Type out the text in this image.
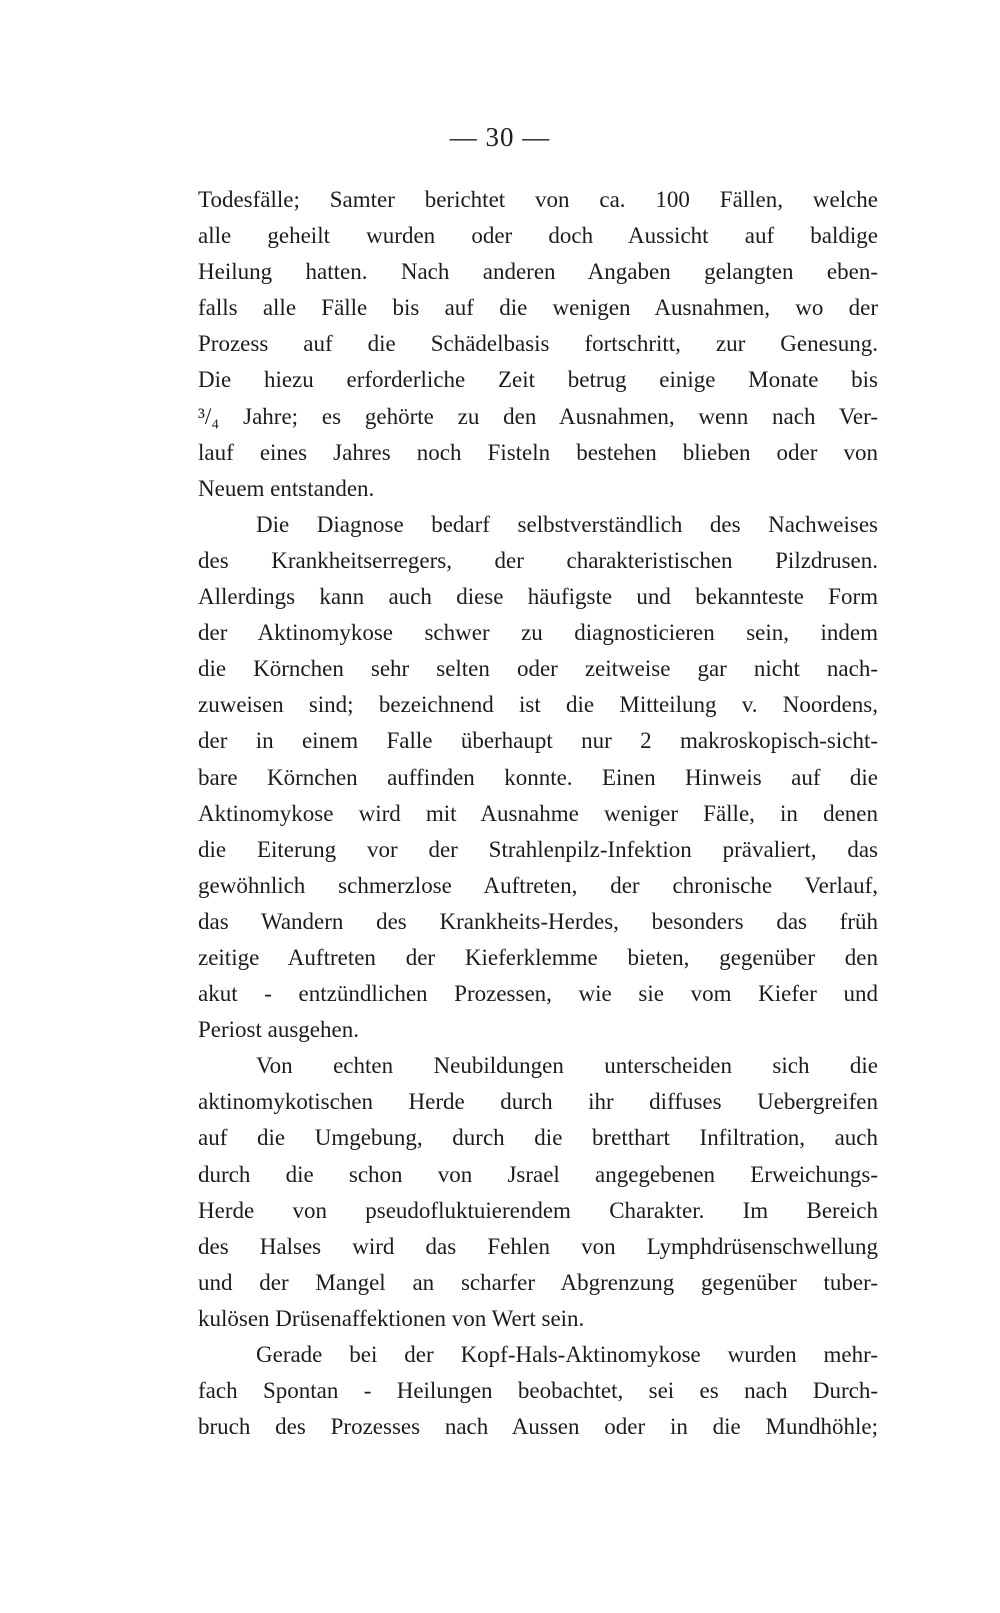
— 30 —
Todesfälle; Samter berichtet von ca. 100 Fällen, welche
alle geheilt wurden oder doch Aussicht auf baldige
Heilung hatten. Nach anderen Angaben gelangten eben-
falls alle Fälle bis auf die wenigen Ausnahmen, wo der
Prozess auf die Schädelbasis fortschritt, zur Genesung.
Die hiezu erforderliche Zeit betrug einige Monate bis
³/₄ Jahre; es gehörte zu den Ausnahmen, wenn nach Ver-
lauf eines Jahres noch Fisteln bestehen blieben oder von
Neuem entstanden.
Die Diagnose bedarf selbstverständlich des Nachweises
des Krankheitserregers, der charakteristischen Pilzdrusen.
Allerdings kann auch diese häufigste und bekannteste Form
der Aktinomykose schwer zu diagnosticieren sein, indem
die Körnchen sehr selten oder zeitweise gar nicht nach-
zuweisen sind; bezeichnend ist die Mitteilung v. Noordens,
der in einem Falle überhaupt nur 2 makroskopisch-sicht-
bare Körnchen auffinden konnte. Einen Hinweis auf die
Aktinomykose wird mit Ausnahme weniger Fälle, in denen
die Eiterung vor der Strahlenpilz-Infektion prävaliert, das
gewöhnlich schmerzlose Auftreten, der chronische Verlauf,
das Wandern des Krankheits-Herdes, besonders das früh
zeitige Auftreten der Kieferklemme bieten, gegenüber den
akut - entzündlichen Prozessen, wie sie vom Kiefer und
Periost ausgehen.
Von echten Neubildungen unterscheiden sich die
aktinomykotischen Herde durch ihr diffuses Uebergreifen
auf die Umgebung, durch die bretthart Infiltration, auch
durch die schon von Jsrael angegebenen Erweichungs-
Herde von pseudofluktuierendem Charakter. Im Bereich
des Halses wird das Fehlen von Lymphdrüsenschwellung
und der Mangel an scharfer Abgrenzung gegenüber tuber-
kulösen Drüsenaffektionen von Wert sein.
Gerade bei der Kopf-Hals-Aktinomykose wurden mehr-
fach Spontan - Heilungen beobachtet, sei es nach Durch-
bruch des Prozesses nach Aussen oder in die Mundhöhle;
